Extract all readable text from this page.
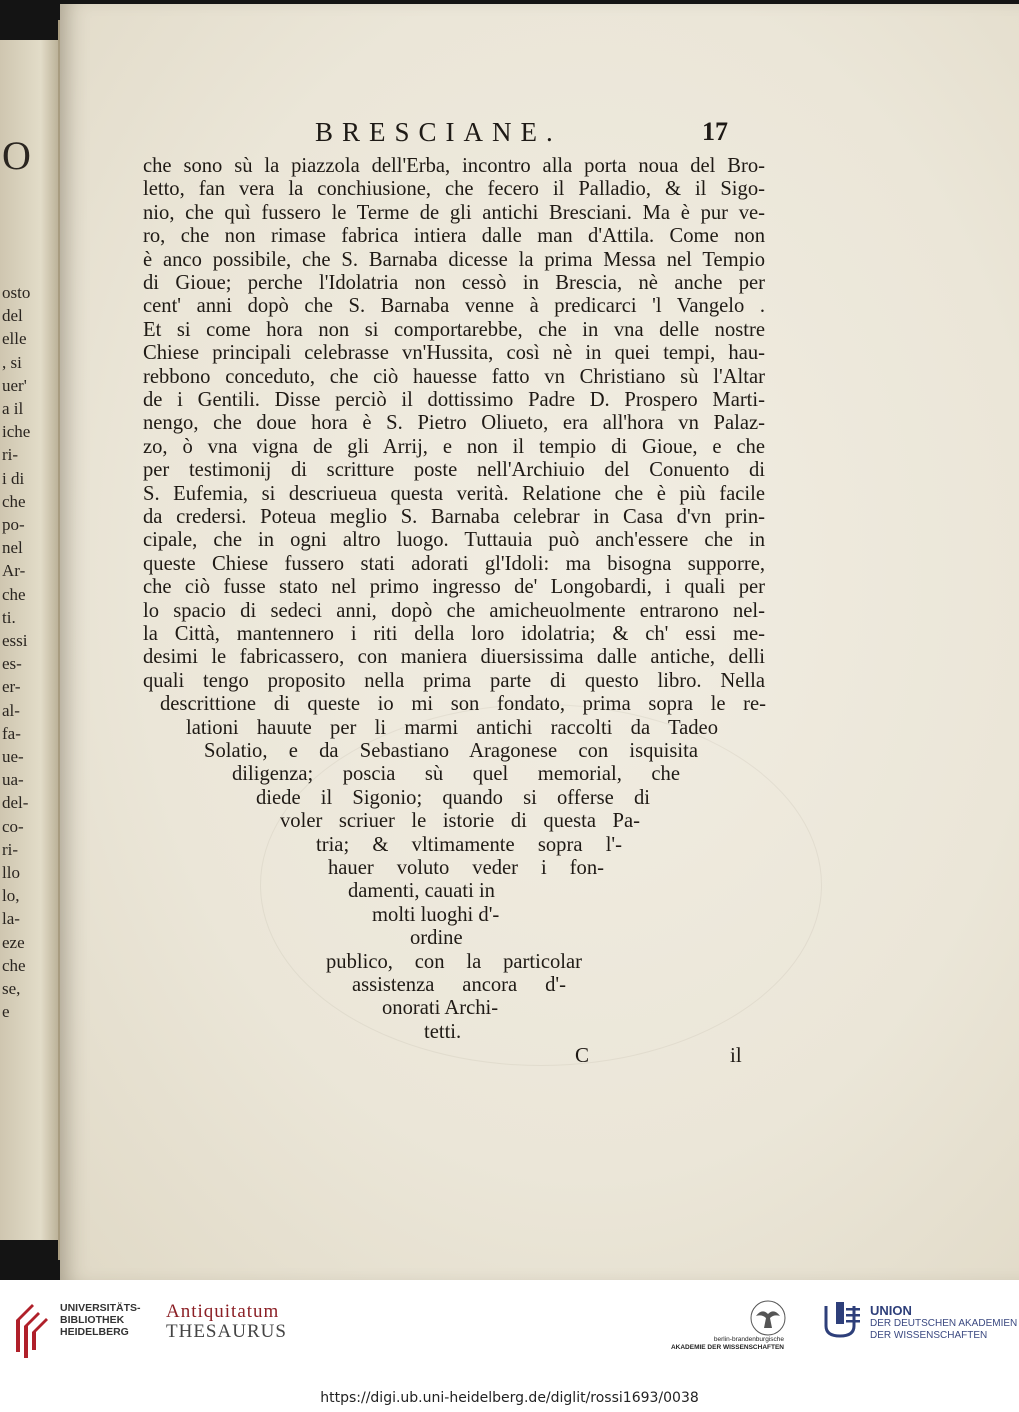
O
osto
del
elle
, si
uer'
a il
iche
ri-
i di
che
po-
nel
Ar-
che
ti.
essi
es-
er-
al-
fa-
ue-
ua-
del-
co-
ri-
llo
lo,
la-
eze
che
se,
e
BRESCIANE.	17
che sono sù la piazzola dell'Erba, incontro alla porta noua del Bro-
letto, fan vera la conchiusione, che fecero il Palladio, & il Sigo-
nio, che quì fussero le Terme de gli antichi Bresciani. Ma è pur ve-
ro, che non rimase fabrica intiera dalle man d'Attila. Come non
è anco possibile, che S. Barnaba dicesse la prima Messa nel Tempio
di Gioue; perche l'Idolatria non cessò in Brescia, nè anche per
cent' anni dopò che S. Barnaba venne à predicarci 'l Vangelo .
Et si come hora non si comportarebbe, che in vna delle nostre
Chiese principali celebrasse vn'Hussita, così nè in quei tempi, hau-
rebbono conceduto, che ciò hauesse fatto vn Christiano sù l'Altar
de i Gentili. Disse perciò il dottissimo Padre D. Prospero Marti-
nengo, che doue hora è S. Pietro Oliueto, era all'hora vn Palaz-
zo, ò vna vigna de gli Arrij, e non il tempio di Gioue, e che
per testimonij di scritture poste nell'Archiuio del Conuento di
S. Eufemia, si descriueua questa verità. Relatione che è più facile
da credersi. Poteua meglio S. Barnaba celebrar in Casa d'vn prin-
cipale, che in ogni altro luogo. Tuttauia può anch'essere che in
queste Chiese fussero stati adorati gl'Idoli: ma bisogna supporre,
che ciò fusse stato nel primo ingresso de' Longobardi, i quali per
lo spacio di sedeci anni, dopò che amicheuolmente entrarono nel-
la Città, mantennero i riti della loro idolatria; & ch' essi me-
desimi le fabricassero, con maniera diuersissima dalle antiche, delli
quali tengo proposito nella prima parte di questo libro. Nella
descrittione di queste io mi son fondato, prima sopra le re-
lationi hauute per li marmi antichi raccolti da Tadeo
Solatio, e da Sebastiano Aragonese con isquisita
diligenza; poscia sù quel memorial, che
diede il Sigonio; quando si offerse di
voler scriuer le istorie di questa Pa-
tria; & vltimamente sopra l'-
hauer voluto veder i fon-
damenti, cauati in
molti luoghi d'-
ordine
publico, con la particolar
assistenza ancora d'-
onorati Archi-
tetti.
C	il
UNIVERSITÄTS-
BIBLIOTHEK
HEIDELBERG
Antiquitatum
THESAURUS	berlin-brandenburgische
AKADEMIE DER WISSENSCHAFTEN
UNION
DER DEUTSCHEN AKADEMIEN
DER WISSENSCHAFTEN
https://digi.ub.uni-heidelberg.de/diglit/rossi1693/0038
